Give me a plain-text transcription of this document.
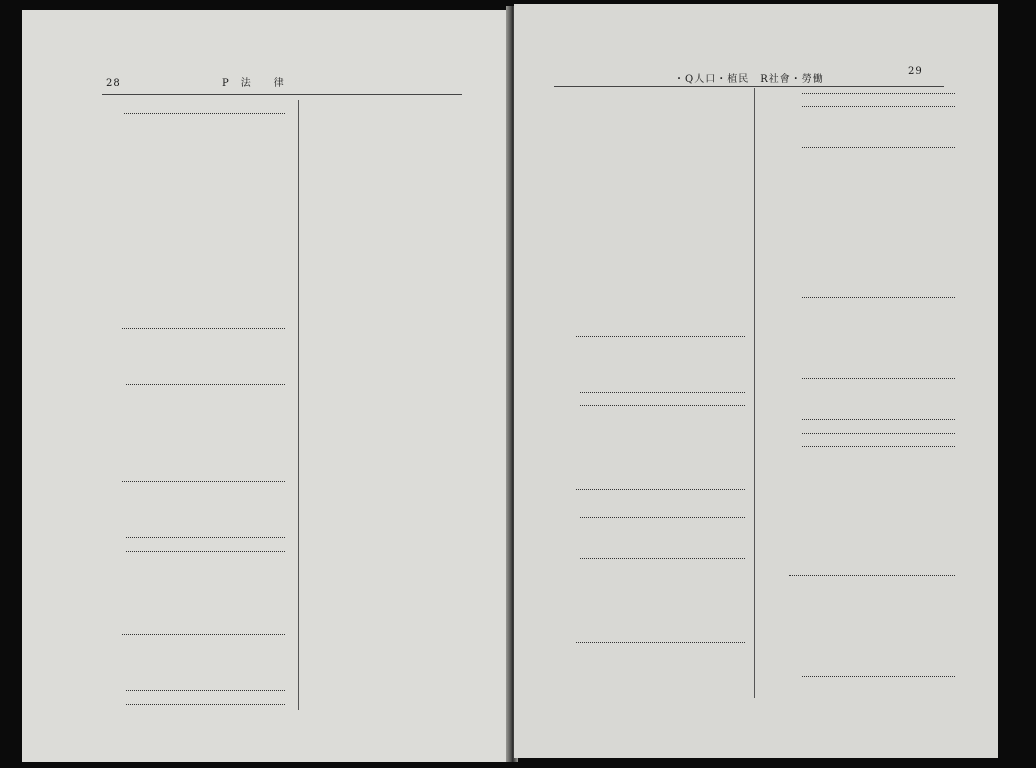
28	P　法　　律	・Q人口・植民　R社會・勞働
29
